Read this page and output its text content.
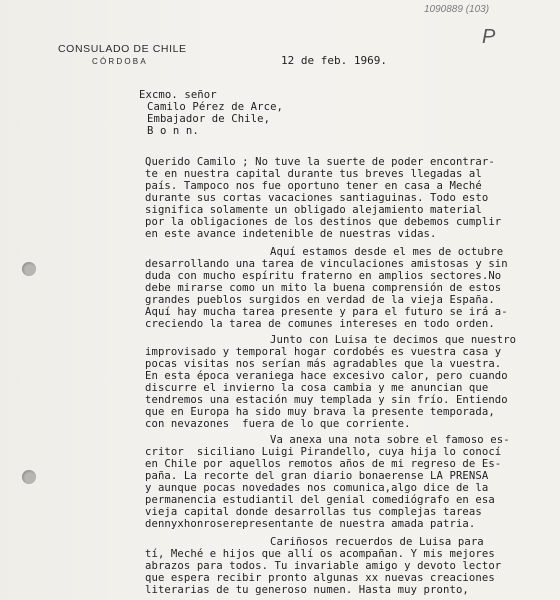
1090889 (103)
P
CONSULADO DE CHILE
CÓRDOBA	12 de feb. 1969.
Excmo. señor
Camilo Pérez de Arce,
Embajador de Chile,
B o n n.
Querido Camilo ; No tuve la suerte de poder encontrar-
te en nuestra capital durante tus breves llegadas al
país. Tampoco nos fue oportuno tener en casa a Meché
durante sus cortas vacaciones santiaguinas. Todo esto
significa solamente un obligado alejamiento material
por la obligaciones de los destinos que debemos cumplir
en este avance indetenible de nuestras vidas.
Aquí estamos desde el mes de octubre
desarrollando una tarea de vinculaciones amistosas y sin
duda con mucho espíritu fraterno en amplios sectores.No
debe mirarse como un mito la buena comprensión de estos
grandes pueblos surgidos en verdad de la vieja España.
Aquí hay mucha tarea presente y para el futuro se irá a-
creciendo la tarea de comunes intereses en todo orden.
Junto con Luisa te decimos que nuestro
improvisado y temporal hogar cordobés es vuestra casa y
pocas visitas nos serían más agradables que la vuestra.
En esta época veraniega hace excesivo calor, pero cuando
discurre el invierno la cosa cambia y me anuncian que
tendremos una estación muy templada y sin frío. Entiendo
que en Europa ha sido muy brava la presente temporada,
con nevazones  fuera de lo que corriente.
Va anexa una nota sobre el famoso es-
critor  siciliano Luigi Pirandello, cuya hija lo conocí
en Chile por aquellos remotos años de mi regreso de Es-
paña. La recorte del gran diario bonaerense LA PRENSA
y aunque pocas novedades nos comunica,algo dice de la
permanencia estudiantil del genial comediógrafo en esa
vieja capital donde desarrollas tus complejas tareas
dennyxhonroserepresentante de nuestra amada patria.
Cariñosos recuerdos de Luisa para
tí, Meché e hijos que allí os acompañan. Y mis mejores
abrazos para todos. Tu invariable amigo y devoto lector
que espera recibir pronto algunas xx nuevas creaciones
literarias de tu generoso numen. Hasta muy pronto,
